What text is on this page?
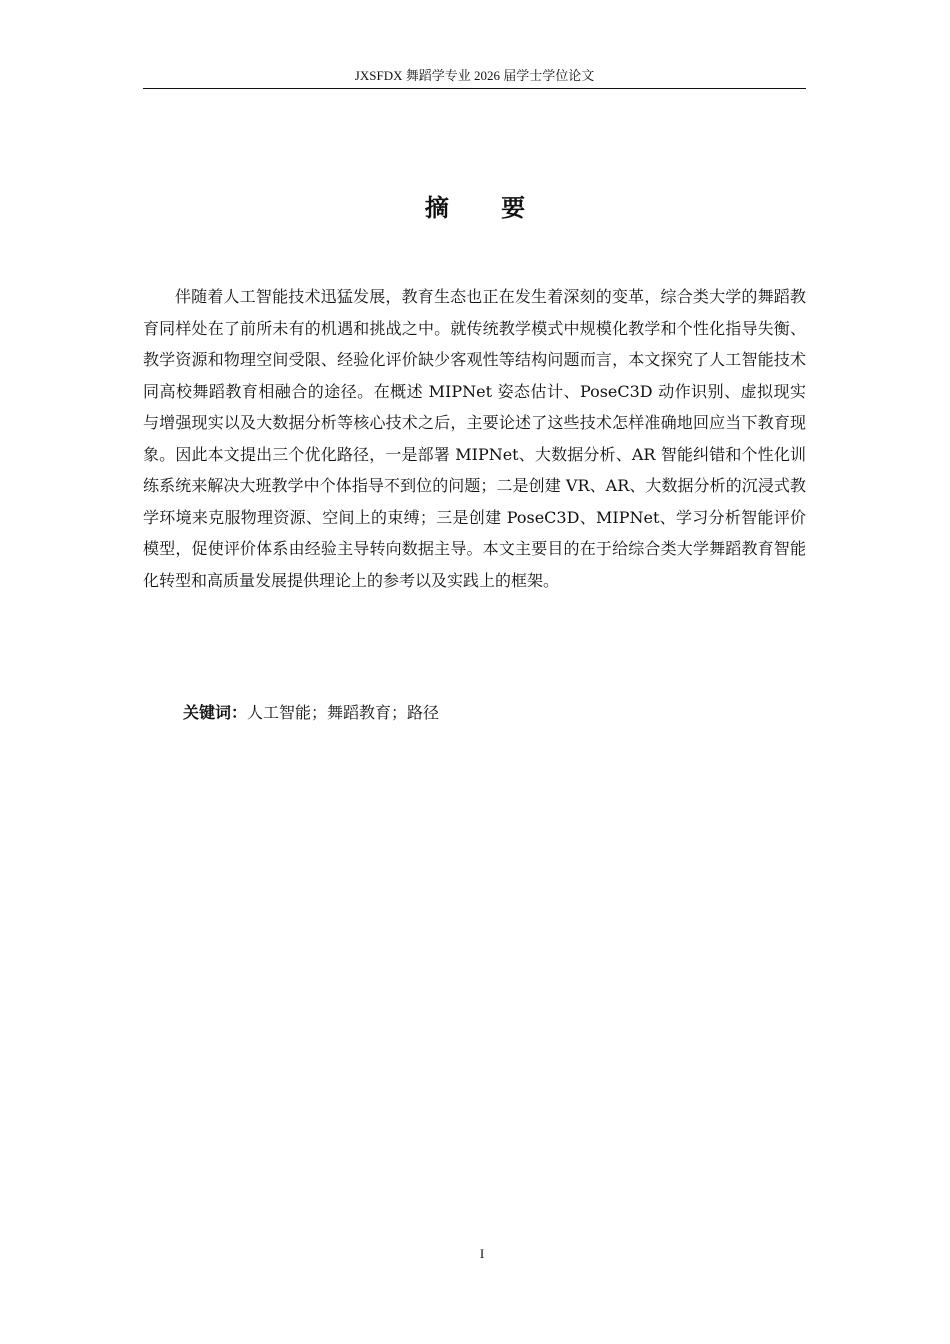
JXSFDX 舞蹈学专业 2026 届学士学位论文
摘 要

伴随着人工智能技术迅猛发展，教育生态也正在发生着深刻的变革，综合类大学的舞蹈教育同样处在了前所未有的机遇和挑战之中。就传统教学模式中规模化教学和个性化指导失衡、教学资源和物理空间受限、经验化评价缺少客观性等结构问题而言，本文探究了人工智能技术同高校舞蹈教育相融合的途径。在概述 MIPNet 姿态估计、PoseC3D 动作识别、虚拟现实与增强现实以及大数据分析等核心技术之后，主要论述了这些技术怎样准确地回应当下教育现象。因此本文提出三个优化路径，一是部署 MIPNet、大数据分析、AR 智能纠错和个性化训练系统来解决大班教学中个体指导不到位的问题；二是创建 VR、AR、大数据分析的沉浸式教学环境来克服物理资源、空间上的束缚；三是创建 PoseC3D、MIPNet、学习分析智能评价模型，促使评价体系由经验主导转向数据主导。本文主要目的在于给综合类大学舞蹈教育智能化转型和高质量发展提供理论上的参考以及实践上的框架。

关键词：人工智能；舞蹈教育；路径
I
